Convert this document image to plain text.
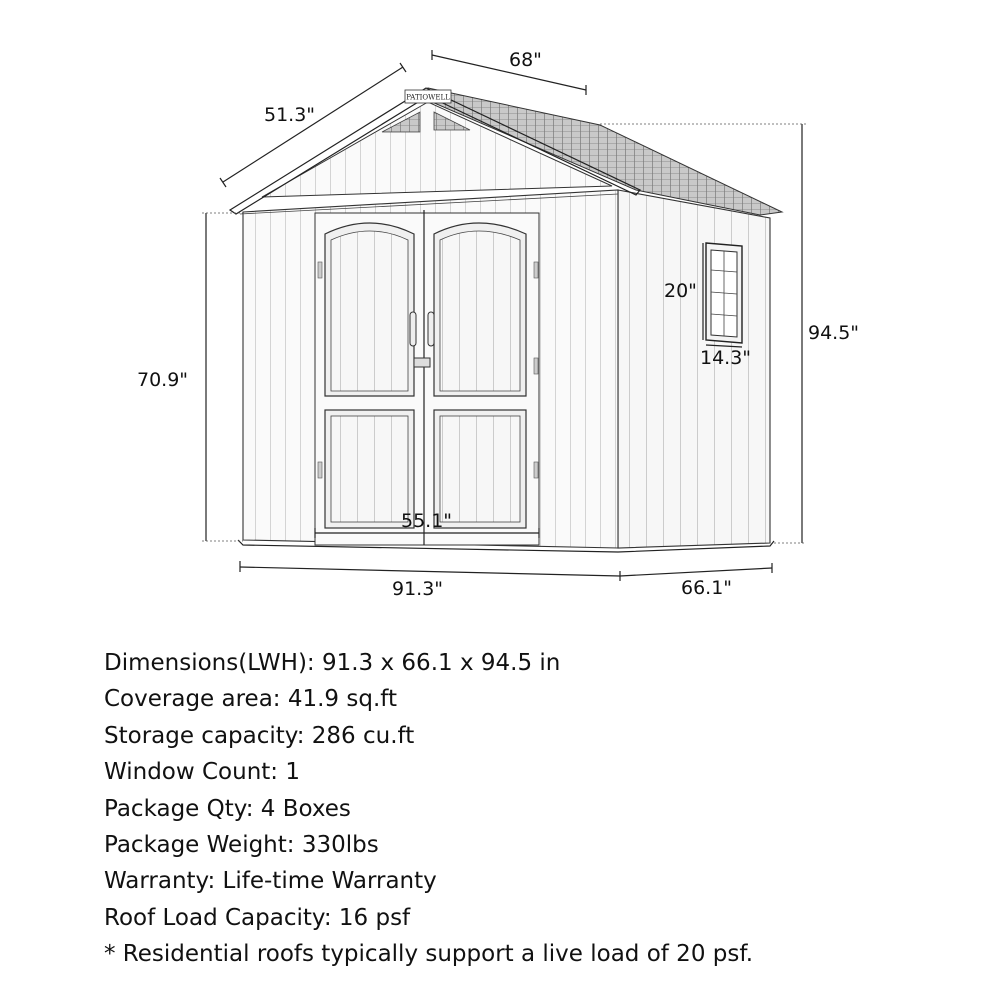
PATIOWELL
51.3"
68"
94.5"
70.9"
20"
14.3"
55.1"
91.3"	66.1"
Dimensions(LWH): 91.3 x 66.1 x 94.5 in
Coverage area: 41.9 sq.ft
Storage capacity: 286 cu.ft
Window Count: 1
Package Qty: 4 Boxes
Package Weight: 330lbs
Warranty: Life-time Warranty
Roof Load Capacity: 16 psf
* Residential roofs typically support a live load of 20 psf.
